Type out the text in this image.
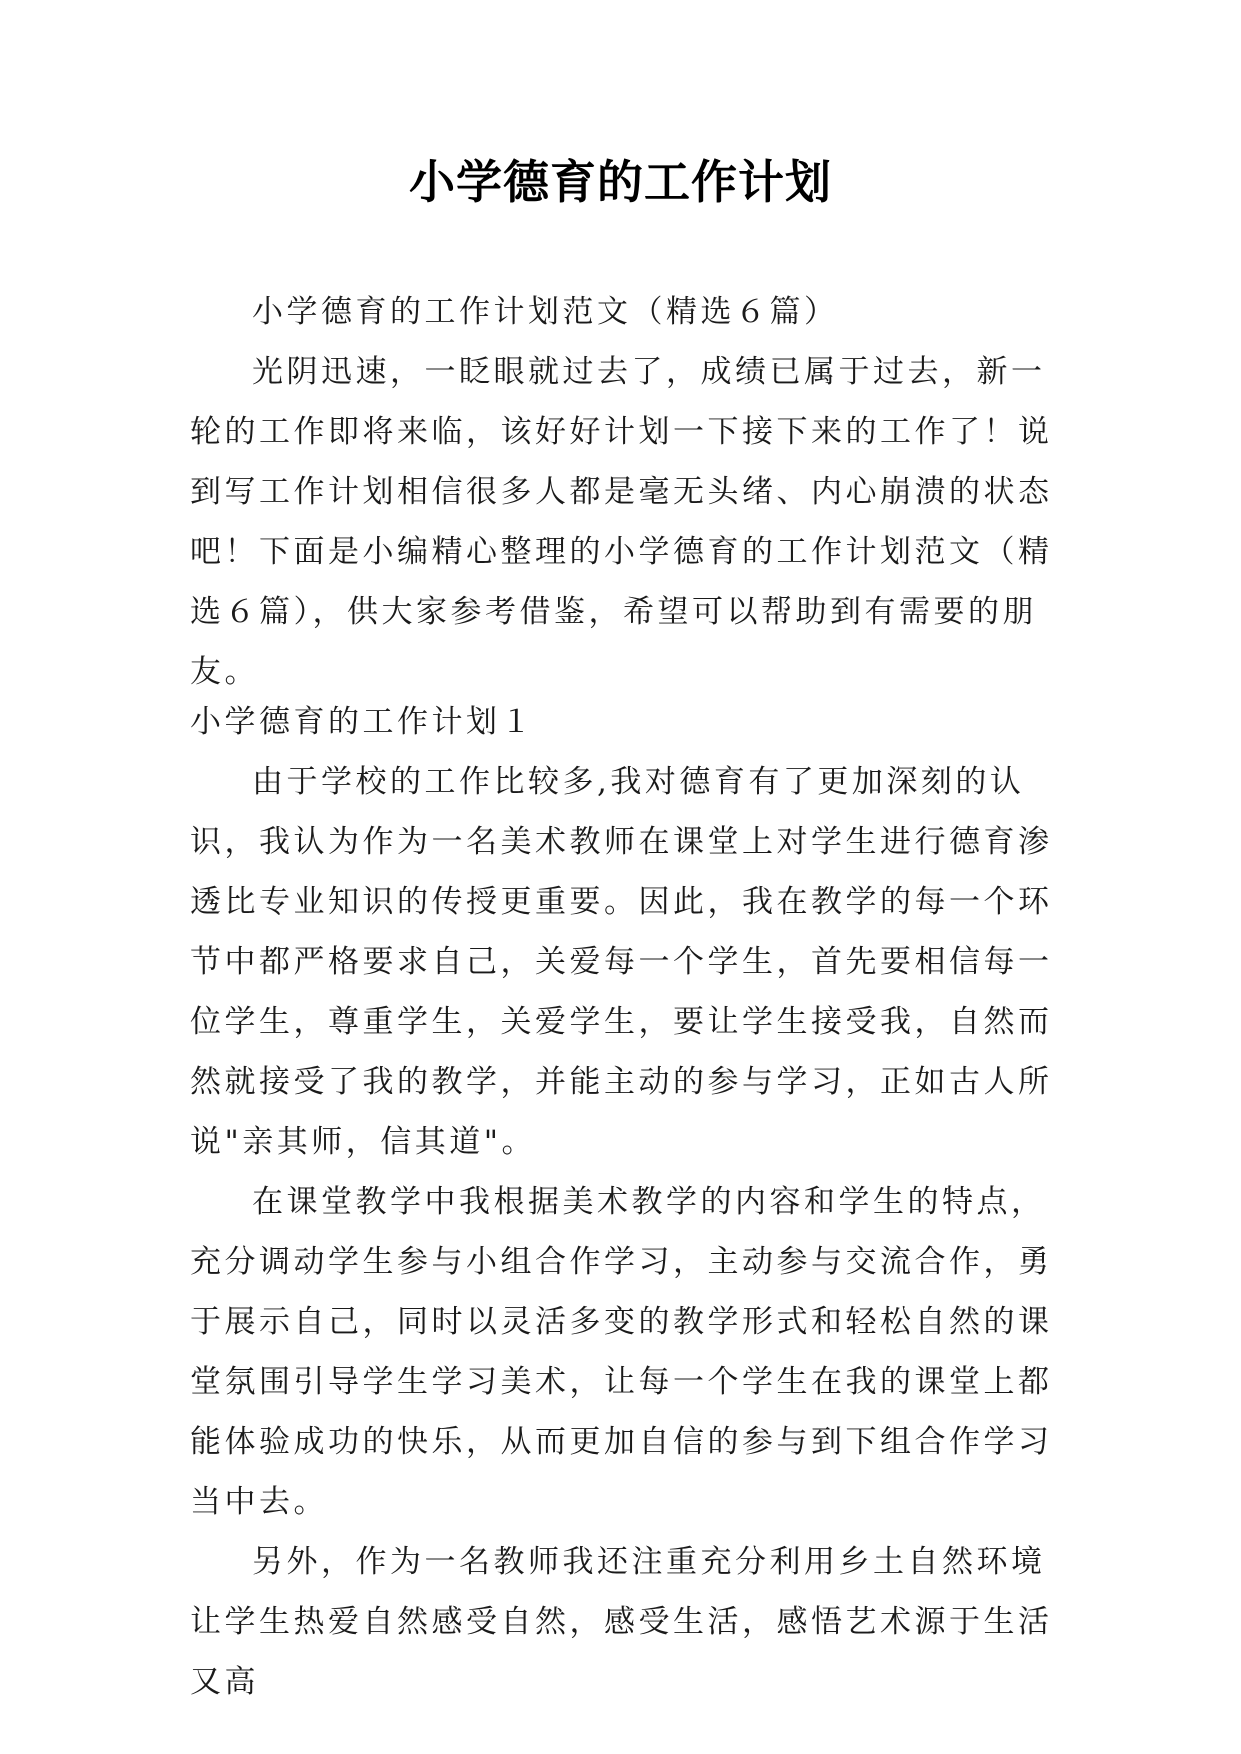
小学德育的工作计划

小学德育的工作计划范文（精选６篇）

光阴迅速，一眨眼就过去了，成绩已属于过去，新一轮的工作即将来临，该好好计划一下接下来的工作了！说到写工作计划相信很多人都是毫无头绪、内心崩溃的状态吧！下面是小编精心整理的小学德育的工作计划范文（精选６篇），供大家参考借鉴，希望可以帮助到有需要的朋友。

小学德育的工作计划１

由于学校的工作比较多,我对德育有了更加深刻的认识，我认为作为一名美术教师在课堂上对学生进行德育渗透比专业知识的传授更重要。因此，我在教学的每一个环节中都严格要求自己，关爱每一个学生，首先要相信每一位学生，尊重学生，关爱学生，要让学生接受我，自然而然就接受了我的教学，并能主动的参与学习，正如古人所说"亲其师，信其道"。

在课堂教学中我根据美术教学的内容和学生的特点，充分调动学生参与小组合作学习，主动参与交流合作，勇于展示自己，同时以灵活多变的教学形式和轻松自然的课堂氛围引导学生学习美术，让每一个学生在我的课堂上都能体验成功的快乐，从而更加自信的参与到下组合作学习当中去。

另外，作为一名教师我还注重充分利用乡土自然环境让学生热爱自然感受自然，感受生活，感悟艺术源于生活又高
